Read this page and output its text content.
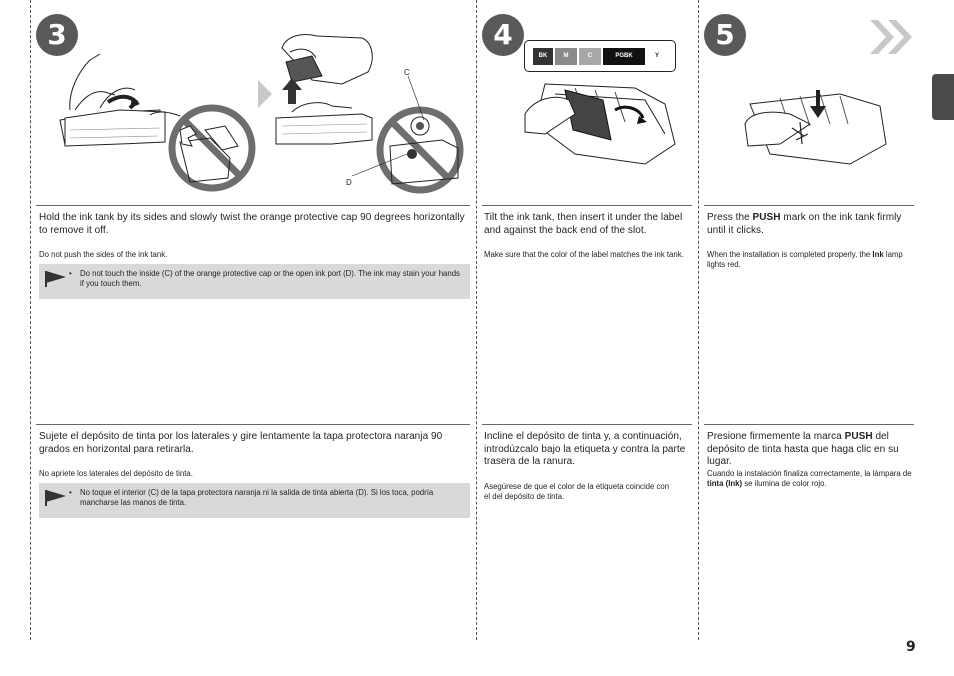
3	4	5
C
D
BK	M	C	PGBK	Y
Hold the ink tank by its sides and slowly twist the orange protective cap 90 degrees horizontally to remove it off.
Do not push the sides of the ink tank.
• Do not touch the inside (C) of the orange protective cap or the open ink port (D). The ink may stain your hands if you touch them.
Tilt the ink tank, then insert it under the label and against the back end of the slot.
Make sure that the color of the label matches the ink tank.
Press the PUSH mark on the ink tank firmly until it clicks.
When the installation is completed properly, the Ink lamp lights red.
Sujete el depósito de tinta por los laterales y gire lentamente la tapa protectora naranja 90 grados en horizontal para retirarla.
No apriete los laterales del depósito de tinta.
• No toque el interior (C) de la tapa protectora naranja ni la salida de tinta abierta (D). Si los toca, podría mancharse las manos de tinta.
Incline el depósito de tinta y, a continuación, introdúzcalo bajo la etiqueta y contra la parte trasera de la ranura.
Asegúrese de que el color de la etiqueta coincide con el del depósito de tinta.
Presione firmemente la marca PUSH del depósito de tinta hasta que haga clic en su lugar.
Cuando la instalación finaliza correctamente, la lámpara de tinta (Ink) se ilumina de color rojo.
9
